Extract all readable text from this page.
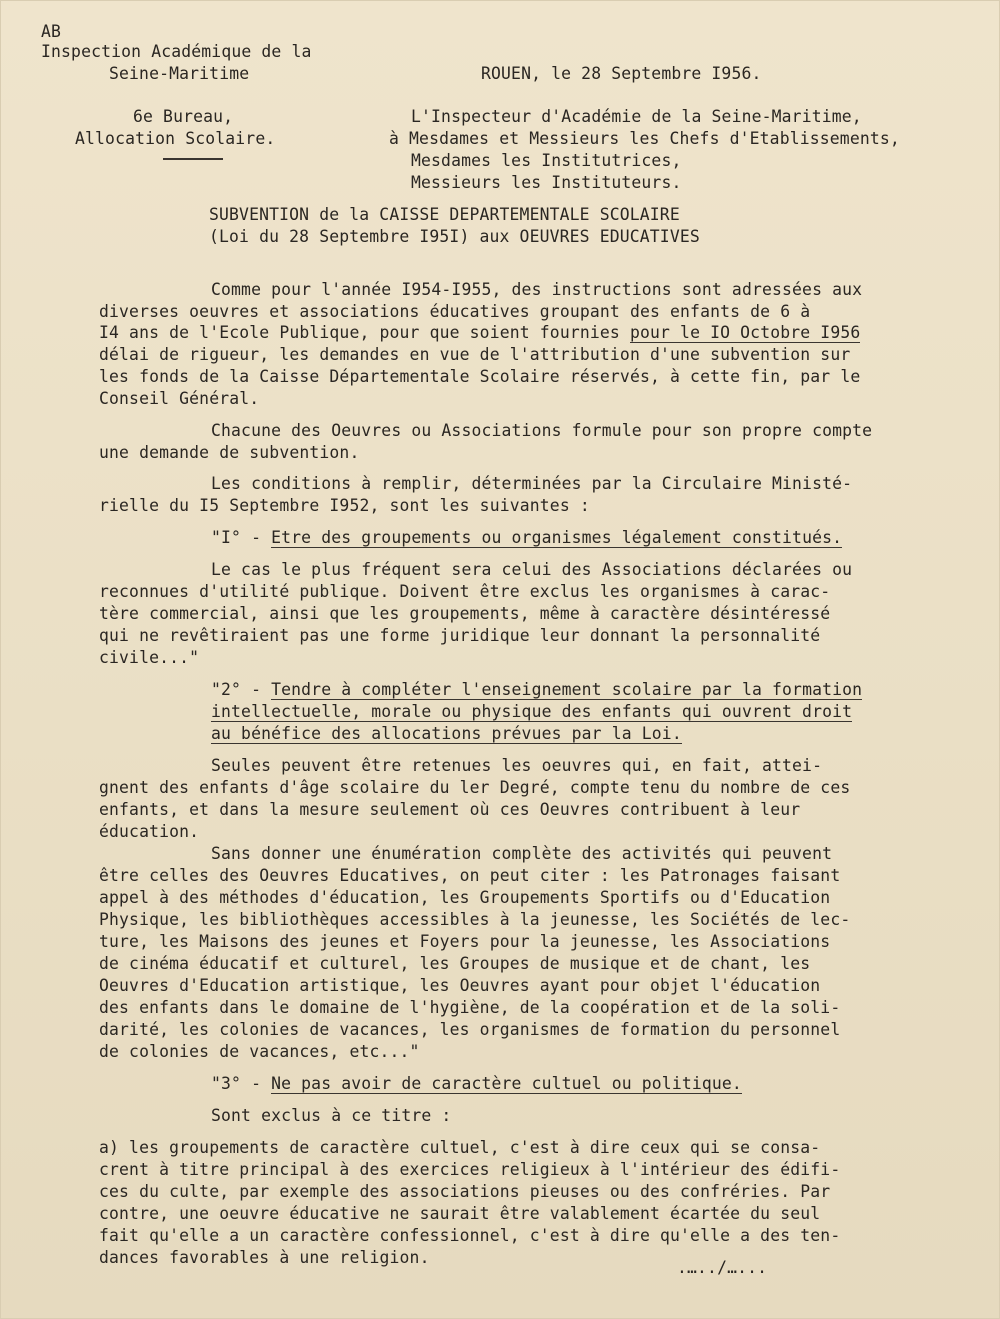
AB
Inspection Académique de la
Seine-Maritime	ROUEN, le 28 Septembre I956.
6e Bureau,
Allocation Scolaire.
L'Inspecteur d'Académie de la Seine-Maritime,
à Mesdames et Messieurs les Chefs d'Etablissements,
Mesdames les Institutrices,
Messieurs les Instituteurs.
SUBVENTION de la CAISSE DEPARTEMENTALE SCOLAIRE
(Loi du 28 Septembre I95I) aux OEUVRES EDUCATIVES
Comme pour l'année I954-I955, des instructions sont adressées aux
diverses oeuvres et associations éducatives groupant des enfants de 6 à
I4 ans de l'Ecole Publique, pour que soient fournies pour le IO Octobre I956
délai de rigueur, les demandes en vue de l'attribution d'une subvention sur
les fonds de la Caisse Départementale Scolaire réservés, à cette fin, par le
Conseil Général.
Chacune des Oeuvres ou Associations formule pour son propre compte
une demande de subvention.
Les conditions à remplir, déterminées par la Circulaire Ministé-
rielle du I5 Septembre I952, sont les suivantes :
"I° - Etre des groupements ou organismes légalement constitués.
Le cas le plus fréquent sera celui des Associations déclarées ou
reconnues d'utilité publique. Doivent être exclus les organismes à carac-
tère commercial, ainsi que les groupements, même à caractère désintéressé
qui ne revêtiraient pas une forme juridique leur donnant la personnalité
civile..."
"2° - Tendre à compléter l'enseignement scolaire par la formation
intellectuelle, morale ou physique des enfants qui ouvrent droit
au bénéfice des allocations prévues par la Loi.
Seules peuvent être retenues les oeuvres qui, en fait, attei-
gnent des enfants d'âge scolaire du ler Degré, compte tenu du nombre de ces
enfants, et dans la mesure seulement où ces Oeuvres contribuent à leur
éducation.
Sans donner une énumération complète des activités qui peuvent
être celles des Oeuvres Educatives, on peut citer : les Patronages faisant
appel à des méthodes d'éducation, les Groupements Sportifs ou d'Education
Physique, les bibliothèques accessibles à la jeunesse, les Sociétés de lec-
ture, les Maisons des jeunes et Foyers pour la jeunesse, les Associations
de cinéma éducatif et culturel, les Groupes de musique et de chant, les
Oeuvres d'Education artistique, les Oeuvres ayant pour objet l'éducation
des enfants dans le domaine de l'hygiène, de la coopération et de la soli-
darité, les colonies de vacances, les organismes de formation du personnel
de colonies de vacances, etc..."
"3° - Ne pas avoir de caractère cultuel ou politique.
Sont exclus à ce titre :
a) les groupements de caractère cultuel, c'est à dire ceux qui se consa-
crent à titre principal à des exercices religieux à l'intérieur des édifi-
ces du culte, par exemple des associations pieuses ou des confréries. Par
contre, une oeuvre éducative ne saurait être valablement écartée du seul
fait qu'elle a un caractère confessionnel, c'est à dire qu'elle a des ten-
dances favorables à une religion.
.…../…...
